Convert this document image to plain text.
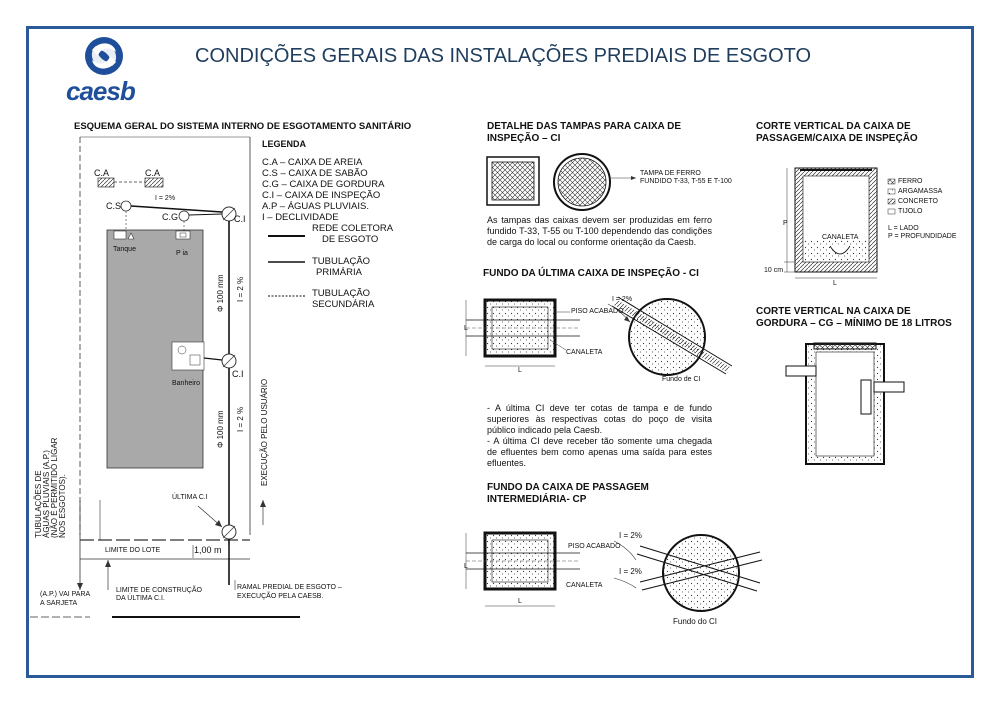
caesb
CONDIÇÕES GERAIS DAS INSTALAÇÕES PREDIAIS DE ESGOTO
ESQUEMA GERAL DO SISTEMA INTERNO DE ESGOTAMENTO SANITÁRIO
LEGENDA
C.A – CAIXA DE AREIA
C.S – CAIXA DE SABÃO
C.G – CAIXA DE GORDURA
C.I – CAIXA DE INSPEÇÃO
A.P – ÁGUAS PLUVIAIS.
I – DECLIVIDADE
REDE COLETORA
DE ESGOTO
TUBULAÇÃO
PRIMÁRIA
TUBULAÇÃO
SECUNDÁRIA
C.A	C.A
C.S
C.G	C.I
I = 2%
Tanque
P ia
Banheiro
C.I
ÚLTIMA C.I
LIMITE DO LOTE	1,00 m
Φ 100 mm I = 2 %
Φ 100 mm I = 2 % EXECUÇÃO PELO USUÁRIO
TUBULAÇÕES DE ÁGUAS PLUVIAIS (A.P.) (NÃO É PERMITIDO LIGAR NOS ESGOTOS).
(A.P.) VAI PARA
A SARJETA
LIMITE DE CONSTRUÇÃO
DA ÚLTIMA C.I.
RAMAL PREDIAL DE ESGOTO –
EXECUÇÃO PELA CAESB.
DETALHE DAS TAMPAS PARA CAIXA DE
INSPEÇÃO – CI
TAMPA DE FERRO
FUNDIDO T-33, T-55 E T-100
As tampas das caixas devem ser produzidas em ferro fundido T-33, T-55 ou T-100 dependendo das condições de carga do local ou conforme orientação da Caesb.
FUNDO DA ÚLTIMA CAIXA DE INSPEÇÃO - CI
PISO ACABADO
CANALETA
L
L
I = 2%
Fundo de CI
- A última CI deve ter cotas de tampa e de fundo superiores às respectivas cotas do poço de visita público indicado pela Caesb.
- A última CI deve receber tão somente uma chegada de efluentes bem como apenas uma saída para estes efluentes.
FUNDO DA CAIXA DE PASSAGEM
INTERMEDIÁRIA- CP
PISO ACABADO
CANALETA
L
L
I = 2%
I = 2%
Fundo do CI
CORTE VERTICAL DA CAIXA DE
PASSAGEM/CAIXA DE INSPEÇÃO
FERRO
ARGAMASSA
CONCRETO
TIJOLO
L = LADO
P = PROFUNDIDADE
CANALETA
P
L
10 cm
CORTE VERTICAL NA CAIXA DE
GORDURA – CG – MÍNIMO DE 18 LITROS
